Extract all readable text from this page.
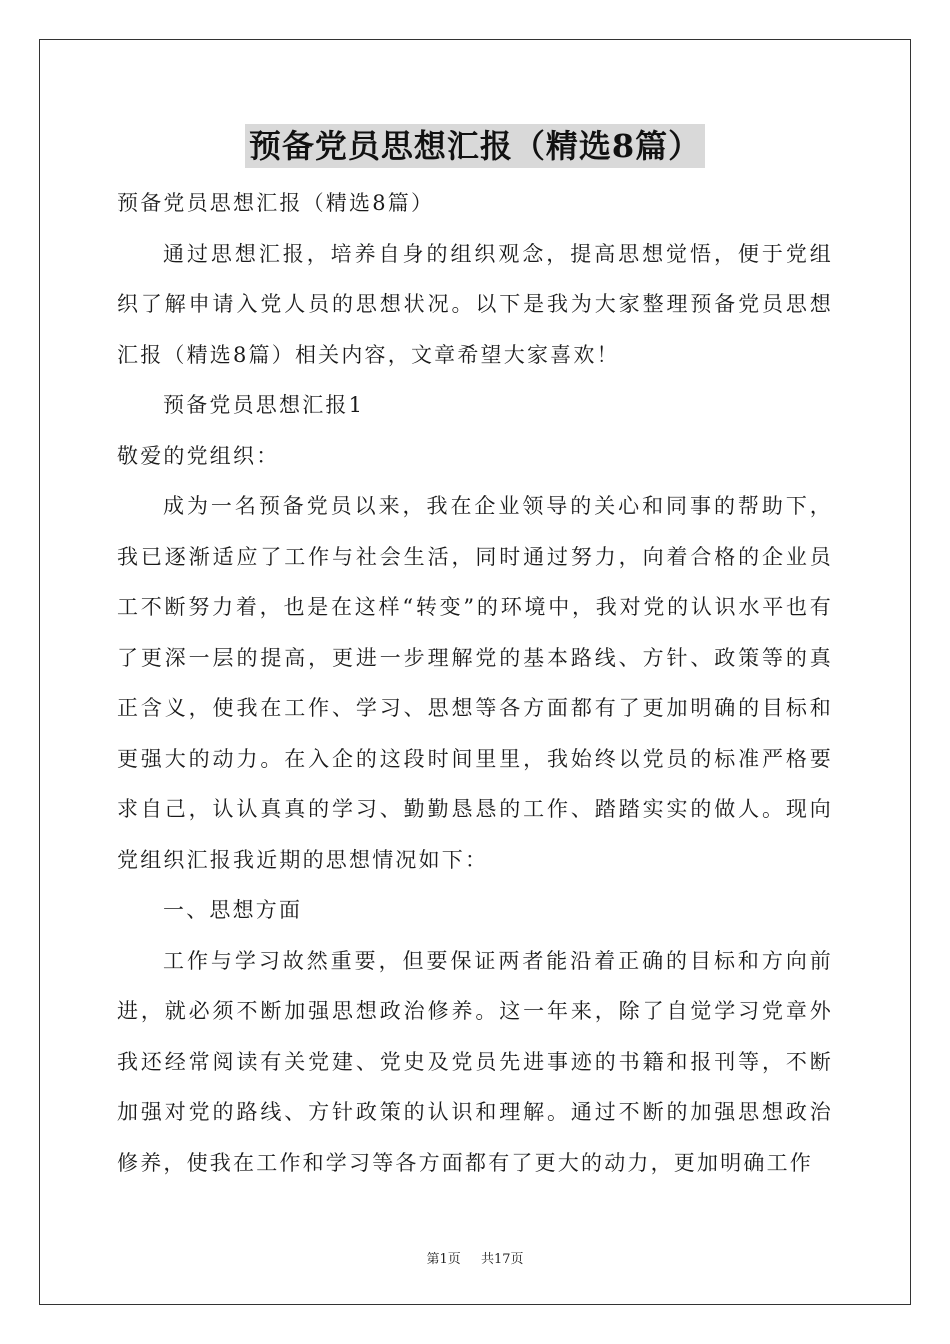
预备党员思想汇报（精选8篇）

预备党员思想汇报（精选8篇）

通过思想汇报，培养自身的组织观念，提高思想觉悟，便于党组织了解申请入党人员的思想状况。以下是我为大家整理预备党员思想汇报（精选8篇）相关内容，文章希望大家喜欢！

预备党员思想汇报1

敬爱的党组织：

成为一名预备党员以来，我在企业领导的关心和同事的帮助下，我已逐渐适应了工作与社会生活，同时通过努力，向着合格的企业员工不断努力着，也是在这样“转变”的环境中，我对党的认识水平也有了更深一层的提高，更进一步理解党的基本路线、方针、政策等的真正含义，使我在工作、学习、思想等各方面都有了更加明确的目标和更强大的动力。在入企的这段时间里里，我始终以党员的标准严格要求自己，认认真真的学习、勤勤恳恳的工作、踏踏实实的做人。现向党组织汇报我近期的思想情况如下：

一、思想方面

工作与学习故然重要，但要保证两者能沿着正确的目标和方向前进，就必须不断加强思想政治修养。这一年来，除了自觉学习党章外我还经常阅读有关党建、党史及党员先进事迹的书籍和报刊等，不断加强对党的路线、方针政策的认识和理解。通过不断的加强思想政治修养，使我在工作和学习等各方面都有了更大的动力，更加明确工作

第1页 共17页
